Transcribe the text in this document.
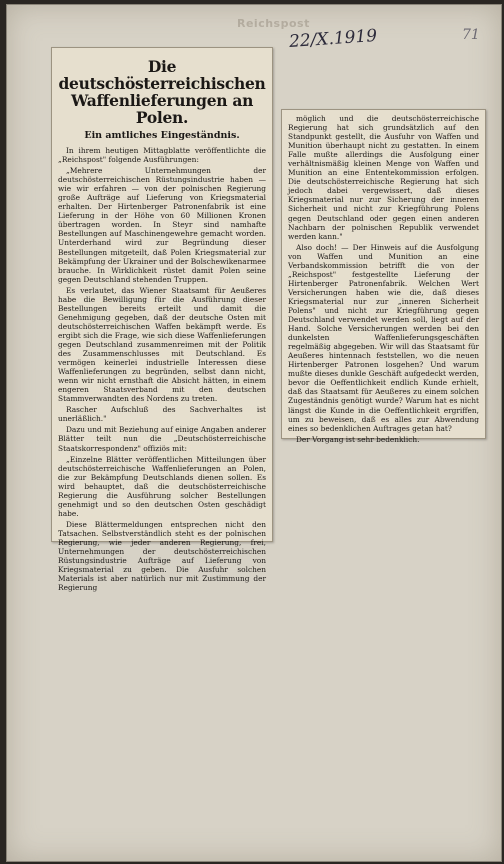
Reichspost
22/X.1919	71
Die deutschösterreichischen Waffenlieferungen an Polen.
Ein amtliches Eingeständnis.

In ihrem heutigen Mittagblatte veröffentlichte die „Reichspost" folgende Ausführungen:

„Mehrere Unternehmungen der deutschösterreichischen Rüstungsindustrie haben — wie wir erfahren — von der polnischen Regierung große Aufträge auf Lieferung von Kriegsmaterial erhalten. Der Hirtenberger Patronenfabrik ist eine Lieferung in der Höhe von 60 Millionen Kronen übertragen worden. In Steyr sind namhafte Bestellungen auf Maschinengewehre gemacht worden. Unterderhand wird zur Begründung dieser Bestellungen mitgeteilt, daß Polen Kriegsmaterial zur Bekämpfung der Ukrainer und der Bolschewikenarmee brauche. In Wirklichkeit rüstet damit Polen seine gegen Deutschland stehenden Truppen.

Es verlautet, das Wiener Staatsamt für Aeußeres habe die Bewilligung für die Ausführung dieser Bestellungen bereits erteilt und damit die Genehmigung gegeben, daß der deutsche Osten mit deutschösterreichischen Waffen bekämpft werde. Es ergibt sich die Frage, wie sich diese Waffenlieferungen gegen Deutschland zusammenreimen mit der Politik des Zusammenschlusses mit Deutschland. Es vermögen keinerlei industrielle Interessen diese Waffenlieferungen zu begründen, selbst dann nicht, wenn wir nicht ernsthaft die Absicht hätten, in einem engeren Staatsverband mit den deutschen Stammverwandten des Nordens zu treten.

Rascher Aufschluß des Sachverhaltes ist unerläßlich."

Dazu und mit Beziehung auf einige Angaben anderer Blätter teilt nun die „Deutschösterreichische Staatskorrespondenz" offiziös mit:

„Einzelne Blätter veröffentlichen Mitteilungen über deutschösterreichische Waffenlieferungen an Polen, die zur Bekämpfung Deutschlands dienen sollen. Es wird behauptet, daß die deutschösterreichische Regierung die Ausführung solcher Bestellungen genehmigt und so den deutschen Osten geschädigt habe.

Diese Blättermeldungen entsprechen nicht den Tatsachen. Selbstverständlich steht es der polnischen Regierung, wie jeder anderen Regierung, frei, Unternehmungen der deutschösterreichischen Rüstungsindustrie Aufträge auf Lieferung von Kriegsmaterial zu geben. Die Ausfuhr solchen Materials ist aber natürlich nur mit Zustimmung der Regierung

möglich und die deutschösterreichische Regierung hat sich grundsätzlich auf den Standpunkt gestellt, die Ausfuhr von Waffen und Munition überhaupt nicht zu gestatten. In einem Falle mußte allerdings die Ausfolgung einer verhältnismäßig kleinen Menge von Waffen und Munition an eine Ententekommission erfolgen. Die deutschösterreichische Regierung hat sich jedoch dabei vergewissert, daß dieses Kriegsmaterial nur zur Sicherung der inneren Sicherheit und nicht zur Kriegführung Polens gegen Deutschland oder gegen einen anderen Nachbarn der polnischen Republik verwendet werden kann."

Also doch! — Der Hinweis auf die Ausfolgung von Waffen und Munition an eine Verbandskommission betrifft die von der „Reichspost" festgestellte Lieferung der Hirtenberger Patronenfabrik. Welchen Wert Versicherungen haben wie die, daß dieses Kriegsmaterial nur zur „inneren Sicherheit Polens" und nicht zur Kriegführung gegen Deutschland verwendet werden soll, liegt auf der Hand. Solche Versicherungen werden bei den dunkelsten Waffenlieferungsgeschäften regelmäßig abgegeben. Wir will das Staatsamt für Aeußeres hintennach feststellen, wo die neuen Hirtenberger Patronen losgehen? Und warum mußte dieses dunkle Geschäft aufgedeckt werden, bevor die Oeffentlichkeit endlich Kunde erhielt, daß das Staatsamt für Aeußeres zu einem solchen Zugeständnis genötigt wurde? Warum hat es nicht längst die Kunde in die Oeffentlichkeit ergriffen, um zu beweisen, daß es alles zur Abwendung eines so bedenklichen Auftrages getan hat?

Der Vorgang ist sehr bedenklich.
